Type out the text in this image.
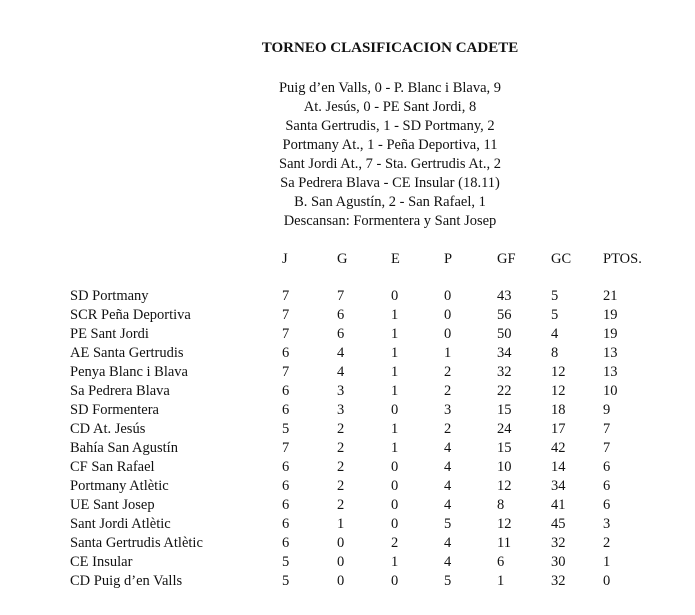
TORNEO CLASIFICACION CADETE
Puig d’en Valls, 0 - P. Blanc i Blava, 9
At. Jesús, 0 - PE Sant Jordi, 8
Santa Gertrudis, 1 - SD Portmany, 2
Portmany At., 1 - Peña Deportiva, 11
Sant Jordi At., 7 - Sta. Gertrudis At., 2
Sa Pedrera Blava - CE Insular (18.11)
B. San Agustín, 2 - San Rafael, 1
Descansan: Formentera y Sant Josep
J	G	E	P	GF GC PTOS.
SD Portmany	7	7	0	0	43	5	21
SCR Peña Deportiva	7	6	1	0	56	5	19
PE Sant Jordi	7	6	1	0	50	4	19
AE Santa Gertrudis	6	4	1	1	34	8	13
Penya Blanc i Blava	7	4	1	2	32	12	13
Sa Pedrera Blava	6	3	1	2	22	12	10
SD Formentera	6	3	0	3	15	18	9
CD At. Jesús	5	2	1	2	24	17	7
Bahía San Agustín	7	2	1	4	15	42	7
CF San Rafael	6	2	0	4	10	14	6
Portmany Atlètic	6	2	0	4	12	34	6
UE Sant Josep	6	2	0	4	8	41	6
Sant Jordi Atlètic	6	1	0	5	12	45	3
Santa Gertrudis Atlètic	6	0	2	4	11	32	2
CE Insular	5	0	1	4	6	30	1
CD Puig d’en Valls	5	0	0	5	1	32	0
